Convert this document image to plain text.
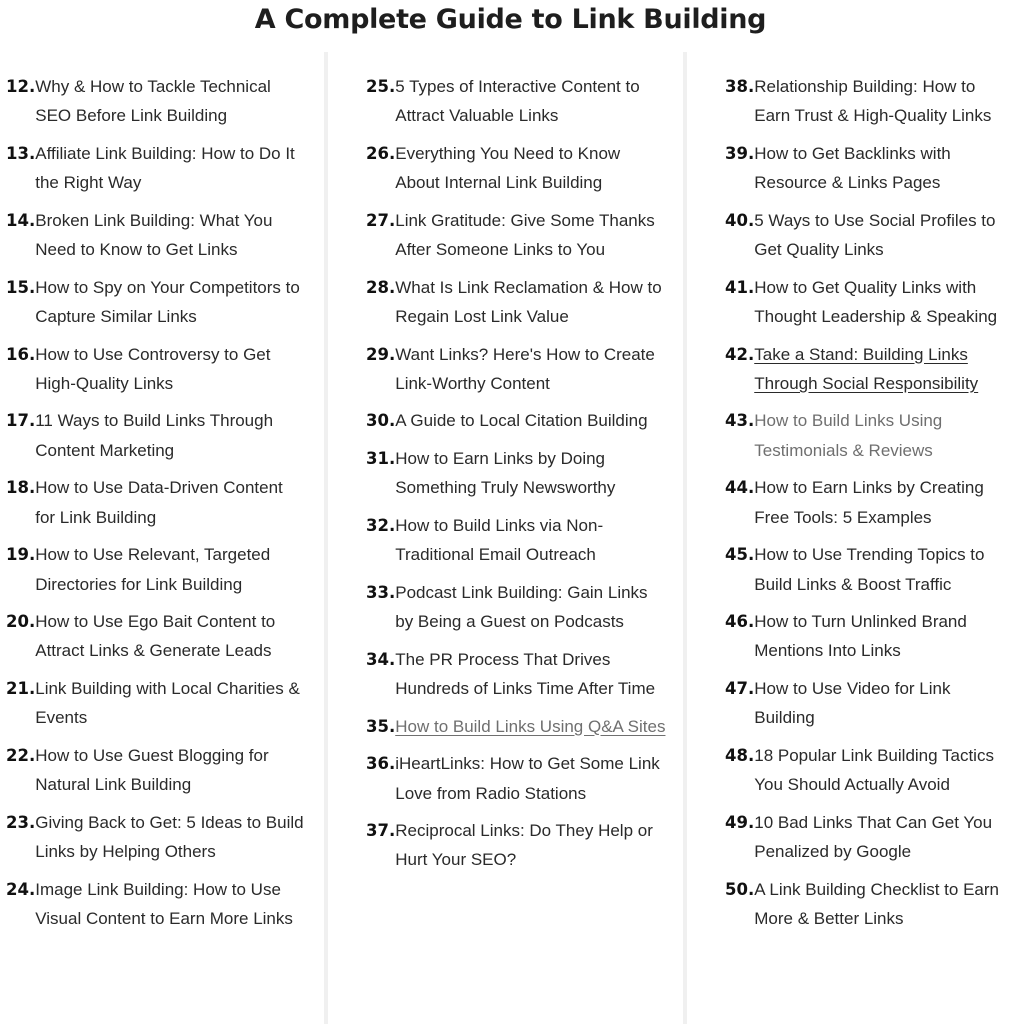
A Complete Guide to Link Building
12. Why & How to Tackle Technical SEO Before Link Building
13. Affiliate Link Building: How to Do It the Right Way
14. Broken Link Building: What You Need to Know to Get Links
15. How to Spy on Your Competitors to Capture Similar Links
16. How to Use Controversy to Get High-Quality Links
17. 11 Ways to Build Links Through Content Marketing
18. How to Use Data-Driven Content for Link Building
19. How to Use Relevant, Targeted Directories for Link Building
20. How to Use Ego Bait Content to Attract Links & Generate Leads
21. Link Building with Local Charities & Events
22. How to Use Guest Blogging for Natural Link Building
23. Giving Back to Get: 5 Ideas to Build Links by Helping Others
24. Image Link Building: How to Use Visual Content to Earn More Links
25. 5 Types of Interactive Content to Attract Valuable Links
26. Everything You Need to Know About Internal Link Building
27. Link Gratitude: Give Some Thanks After Someone Links to You
28. What Is Link Reclamation & How to Regain Lost Link Value
29. Want Links? Here's How to Create Link-Worthy Content
30. A Guide to Local Citation Building
31. How to Earn Links by Doing Something Truly Newsworthy
32. How to Build Links via Non-Traditional Email Outreach
33. Podcast Link Building: Gain Links by Being a Guest on Podcasts
34. The PR Process That Drives Hundreds of Links Time After Time
35. How to Build Links Using Q&A Sites
36. iHeartLinks: How to Get Some Link Love from Radio Stations
37. Reciprocal Links: Do They Help or Hurt Your SEO?
38. Relationship Building: How to Earn Trust & High-Quality Links
39. How to Get Backlinks with Resource & Links Pages
40. 5 Ways to Use Social Profiles to Get Quality Links
41. How to Get Quality Links with Thought Leadership & Speaking
42. Take a Stand: Building Links Through Social Responsibility
43. How to Build Links Using Testimonials & Reviews
44. How to Earn Links by Creating Free Tools: 5 Examples
45. How to Use Trending Topics to Build Links & Boost Traffic
46. How to Turn Unlinked Brand Mentions Into Links
47. How to Use Video for Link Building
48. 18 Popular Link Building Tactics You Should Actually Avoid
49. 10 Bad Links That Can Get You Penalized by Google
50. A Link Building Checklist to Earn More & Better Links
